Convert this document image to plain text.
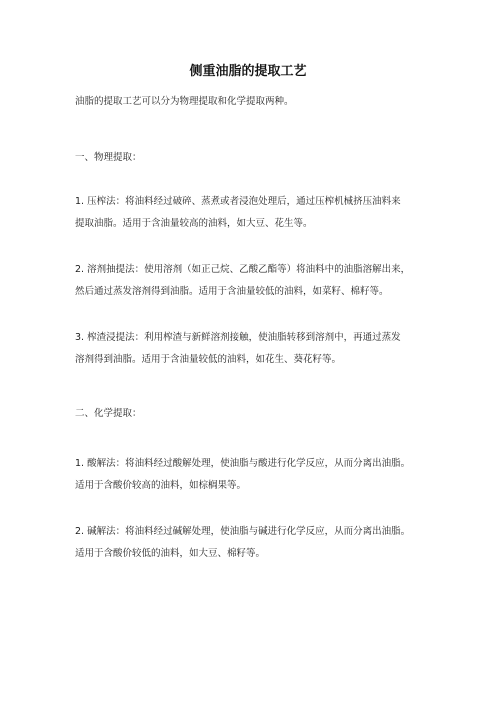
侧重油脂的提取工艺
油脂的提取工艺可以分为物理提取和化学提取两种。
一、物理提取：
1. 压榨法：将油料经过破碎、蒸煮或者浸泡处理后，通过压榨机械挤压油料来
提取油脂。适用于含油量较高的油料，如大豆、花生等。
2. 溶剂抽提法：使用溶剂（如正己烷、乙酸乙酯等）将油料中的油脂溶解出来，
然后通过蒸发溶剂得到油脂。适用于含油量较低的油料，如菜籽、棉籽等。
3. 榨渣浸提法：利用榨渣与新鲜溶剂接触，使油脂转移到溶剂中，再通过蒸发
溶剂得到油脂。适用于含油量较低的油料，如花生、葵花籽等。
二、化学提取：
1. 酸解法：将油料经过酸解处理，使油脂与酸进行化学反应，从而分离出油脂。
适用于含酸价较高的油料，如棕榈果等。
2. 碱解法：将油料经过碱解处理，使油脂与碱进行化学反应，从而分离出油脂。
适用于含酸价较低的油料，如大豆、棉籽等。
